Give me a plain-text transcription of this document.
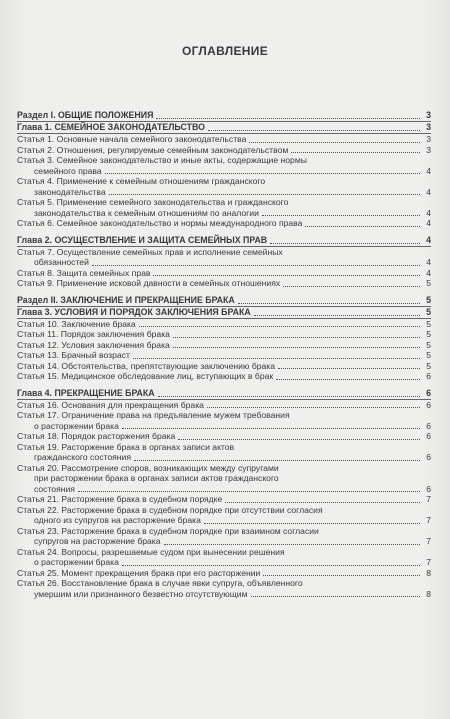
ОГЛАВЛЕНИЕ
Раздел I. ОБЩИЕ ПОЛОЖЕНИЯ	3
Глава 1. СЕМЕЙНОЕ ЗАКОНОДАТЕЛЬСТВО	3
Статья 1. Основные начала семейного законодательства	3
Статья 2. Отношения, регулируемые семейным законодательством	3
Статья 3. Семейное законодательство и иные акты, содержащие нормы
семейного права	4
Статья 4. Применение к семейным отношениям гражданского
законодательства	4
Статья 5. Применение семейного законодательства и гражданского
законодательства к семейным отношениям по аналогии	4
Статья 6. Семейное законодательство и нормы международного права	4
Глава 2. ОСУЩЕСТВЛЕНИЕ И ЗАЩИТА СЕМЕЙНЫХ ПРАВ	4
Статья 7. Осуществление семейных прав и исполнение семейных
обязанностей	4
Статья 8. Защита семейных прав	4
Статья 9. Применение исковой давности в семейных отношениях	5
Раздел II. ЗАКЛЮЧЕНИЕ И ПРЕКРАЩЕНИЕ БРАКА	5
Глава 3. УСЛОВИЯ И ПОРЯДОК ЗАКЛЮЧЕНИЯ БРАКА	5
Статья 10. Заключение брака	5
Статья 11. Порядок заключения брака	5
Статья 12. Условия заключения брака	5
Статья 13. Брачный возраст	5
Статья 14. Обстоятельства, препятствующие заключению брака	5
Статья 15. Медицинское обследование лиц, вступающих в брак	6
Глава 4. ПРЕКРАЩЕНИЕ БРАКА	6
Статья 16. Основания для прекращения брака	6
Статья 17. Ограничение права на предъявление мужем требования
о расторжении брака	6
Статья 18. Порядок расторжения брака	6
Статья 19. Расторжение брака в органах записи актов
гражданского состояния	6
Статья 20. Рассмотрение споров, возникающих между супругами
при расторжении брака в органах записи актов гражданского
состояния	6
Статья 21. Расторжение брака в судебном порядке	7
Статья 22. Расторжение брака в судебном порядке при отсутствии согласия
одного из супругов на расторжение брака	7
Статья 23. Расторжение брака в судебном порядке при взаимном согласии
супругов на расторжение брака	7
Статья 24. Вопросы, разрешаемые судом при вынесении решения
о расторжении брака	7
Статья 25. Момент прекращения брака при его расторжении	8
Статья 26. Восстановление брака в случае явки супруга, объявленного
умершим или признанного безвестно отсутствующим	8
